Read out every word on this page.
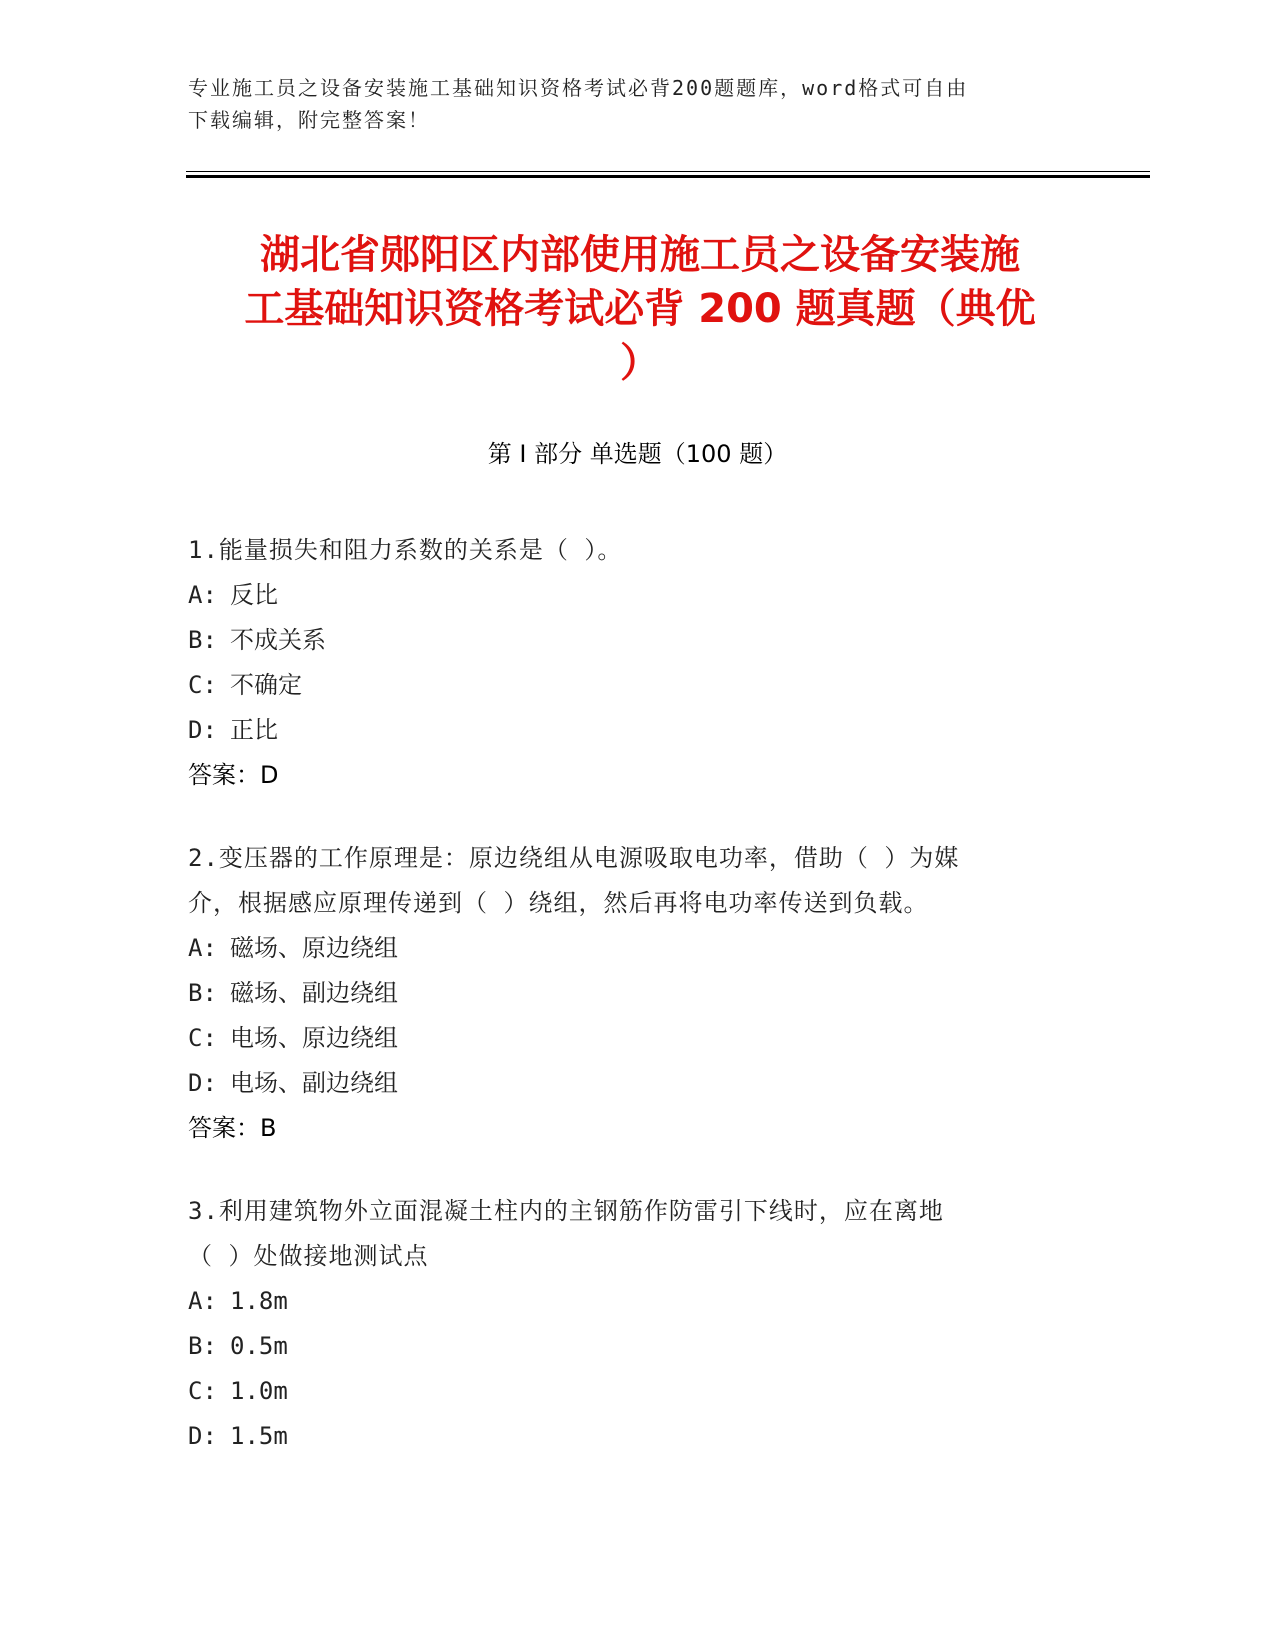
专业施工员之设备安装施工基础知识资格考试必背200题题库，word格式可自由
下载编辑，附完整答案！
湖北省郧阳区内部使用施工员之设备安装施
工基础知识资格考试必背 200 题真题（典优
）
第 I 部分 单选题（100 题）
1.能量损失和阻力系数的关系是（ ）。
A: 反比
B: 不成关系
C: 不确定
D: 正比
答案：D
2.变压器的工作原理是：原边绕组从电源吸取电功率，借助（ ）为媒
介，根据感应原理传递到（ ）绕组，然后再将电功率传送到负载。
A: 磁场、原边绕组
B: 磁场、副边绕组
C: 电场、原边绕组
D: 电场、副边绕组
答案：B
3.利用建筑物外立面混凝土柱内的主钢筋作防雷引下线时，应在离地
（ ）处做接地测试点
A: 1.8m
B: 0.5m
C: 1.0m
D: 1.5m
